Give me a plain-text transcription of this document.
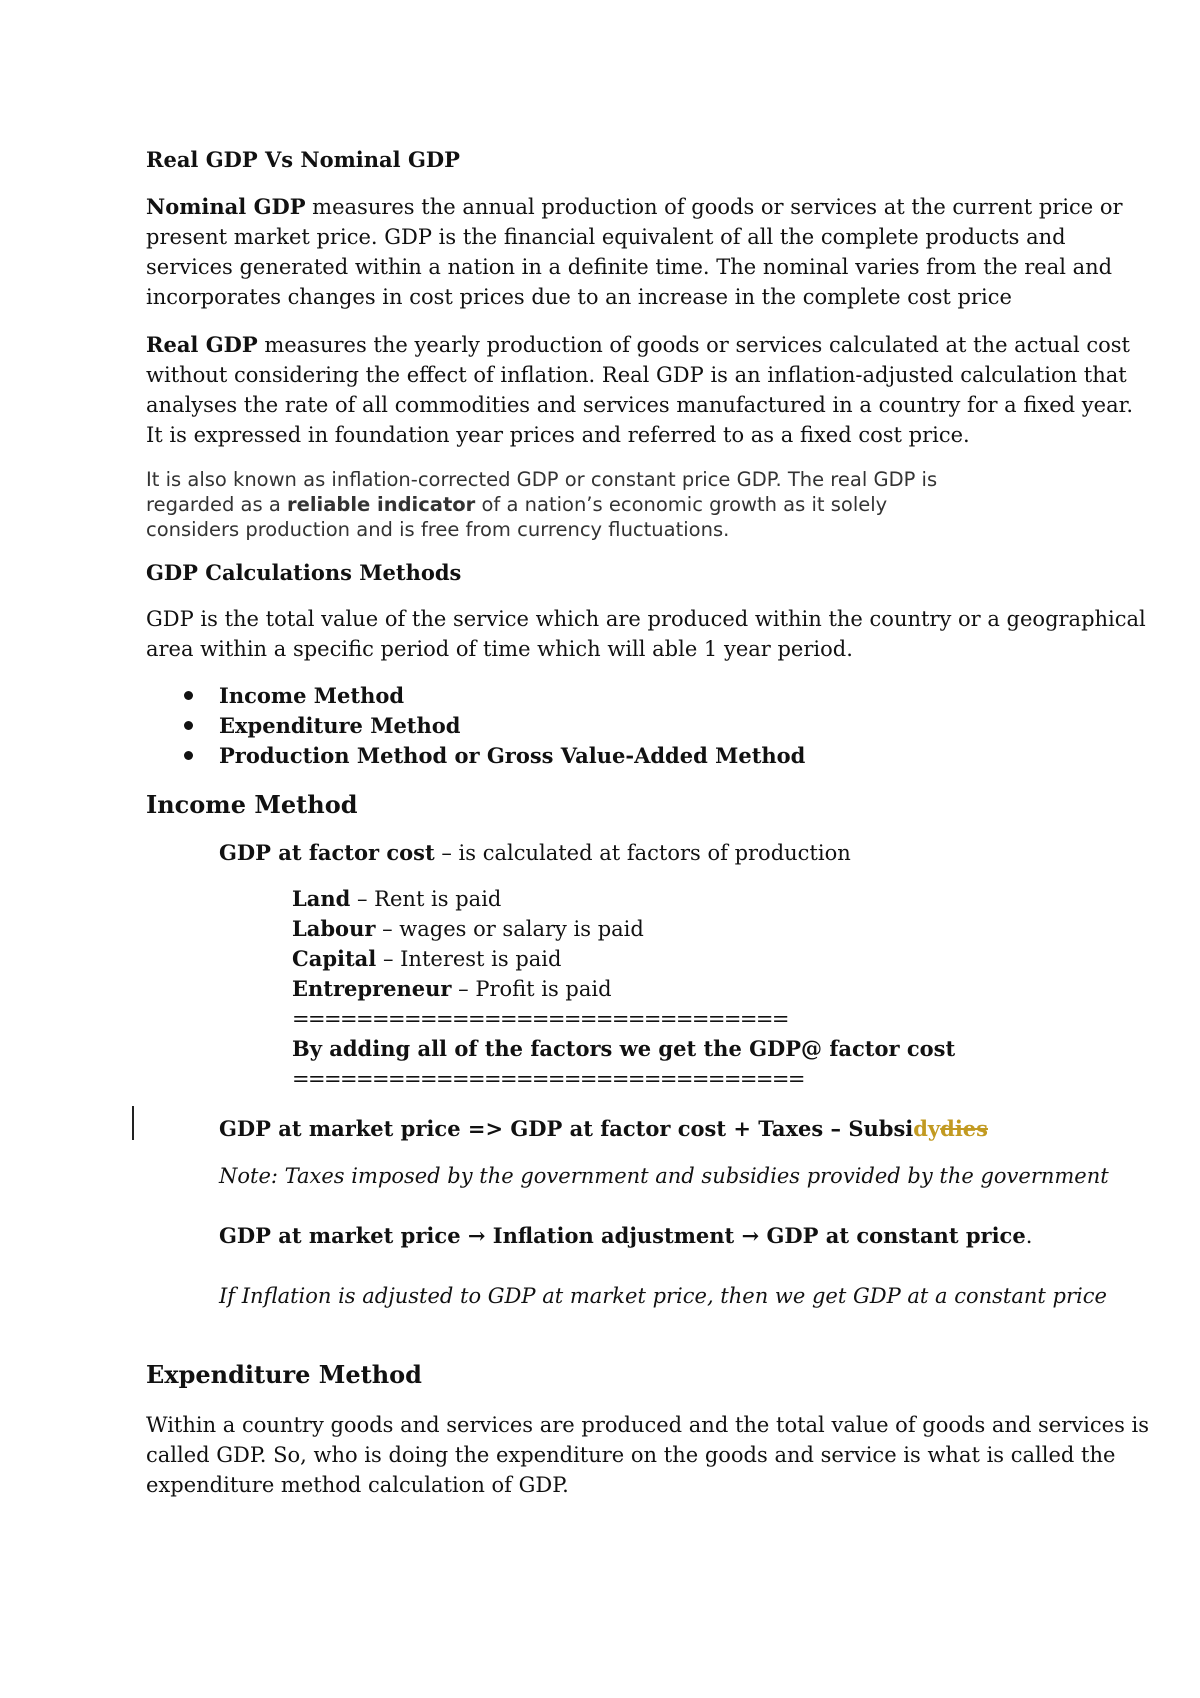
Real GDP Vs Nominal GDP

Nominal GDP measures the annual production of goods or services at the current price or

present market price. GDP is the financial equivalent of all the complete products and

services generated within a nation in a definite time. The nominal varies from the real and

incorporates changes in cost prices due to an increase in the complete cost price

Real GDP measures the yearly production of goods or services calculated at the actual cost

without considering the effect of inflation. Real GDP is an inflation-adjusted calculation that

analyses the rate of all commodities and services manufactured in a country for a fixed year.

It is expressed in foundation year prices and referred to as a fixed cost price.

It is also known as inflation-corrected GDP or constant price GDP. The real GDP is

regarded as a reliable indicator of a nation’s economic growth as it solely

considers production and is free from currency fluctuations.

GDP Calculations Methods

GDP is the total value of the service which are produced within the country or a geographical

area within a specific period of time which will able 1 year period.

Income Method

Expenditure Method

Production Method or Gross Value-Added Method

Income Method

GDP at factor cost – is calculated at factors of production

Land – Rent is paid

Labour – wages or salary is paid

Capital – Interest is paid

Entrepreneur – Profit is paid

===============================

By adding all of the factors we get the GDP@ factor cost

================================

GDP at market price => GDP at factor cost + Taxes – Subsidydies

Note: Taxes imposed by the government and subsidies provided by the government

GDP at market price → Inflation adjustment → GDP at constant price.

If Inflation is adjusted to GDP at market price, then we get GDP at a constant price

Expenditure Method

Within a country goods and services are produced and the total value of goods and services is

called GDP. So, who is doing the expenditure on the goods and service is what is called the

expenditure method calculation of GDP.
